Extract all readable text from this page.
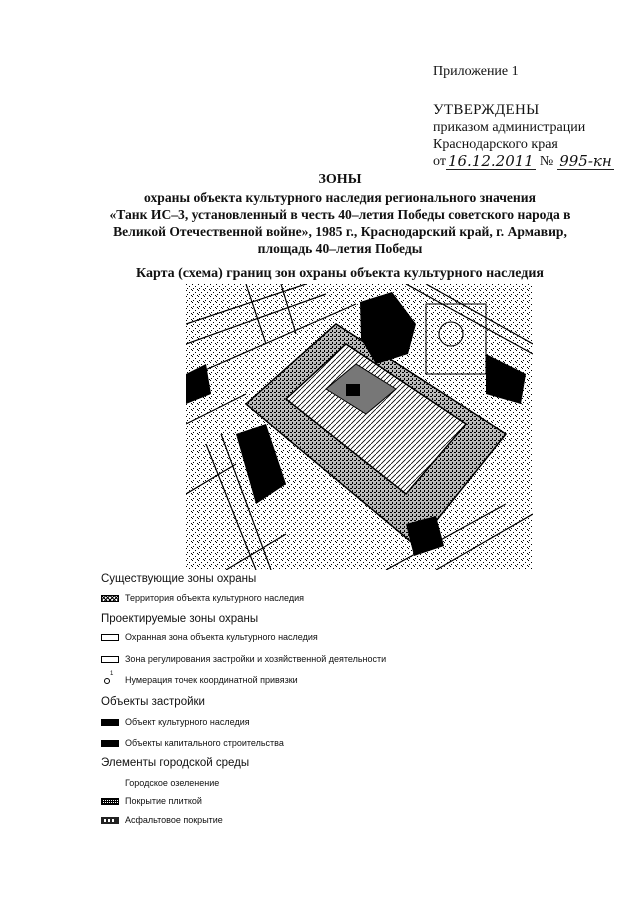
Приложение 1
УТВЕРЖДЕНЫ
приказом администрации
Краснодарского края
от 16.12.2011 № 995-кн
ЗОНЫ
охраны объекта культурного наследия регионального значения
«Танк ИС–3, установленный в честь 40–летия Победы советского народа в
Великой Отечественной войне», 1985 г., Краснодарский край, г. Армавир,
площадь 40–летия Победы
Карта (схема) границ зон охраны объекта культурного наследия
Существующие зоны охраны
Территория объекта культурного наследия
Проектируемые зоны охраны
Охранная зона объекта культурного наследия
Зона регулирования застройки и хозяйственной деятельности
1
Нумерация точек координатной привязки
Объекты застройки
Объект культурного наследия
Объекты капитального строительства
Элементы городской среды
Городское озеленение
Покрытие плиткой
Асфальтовое покрытие
